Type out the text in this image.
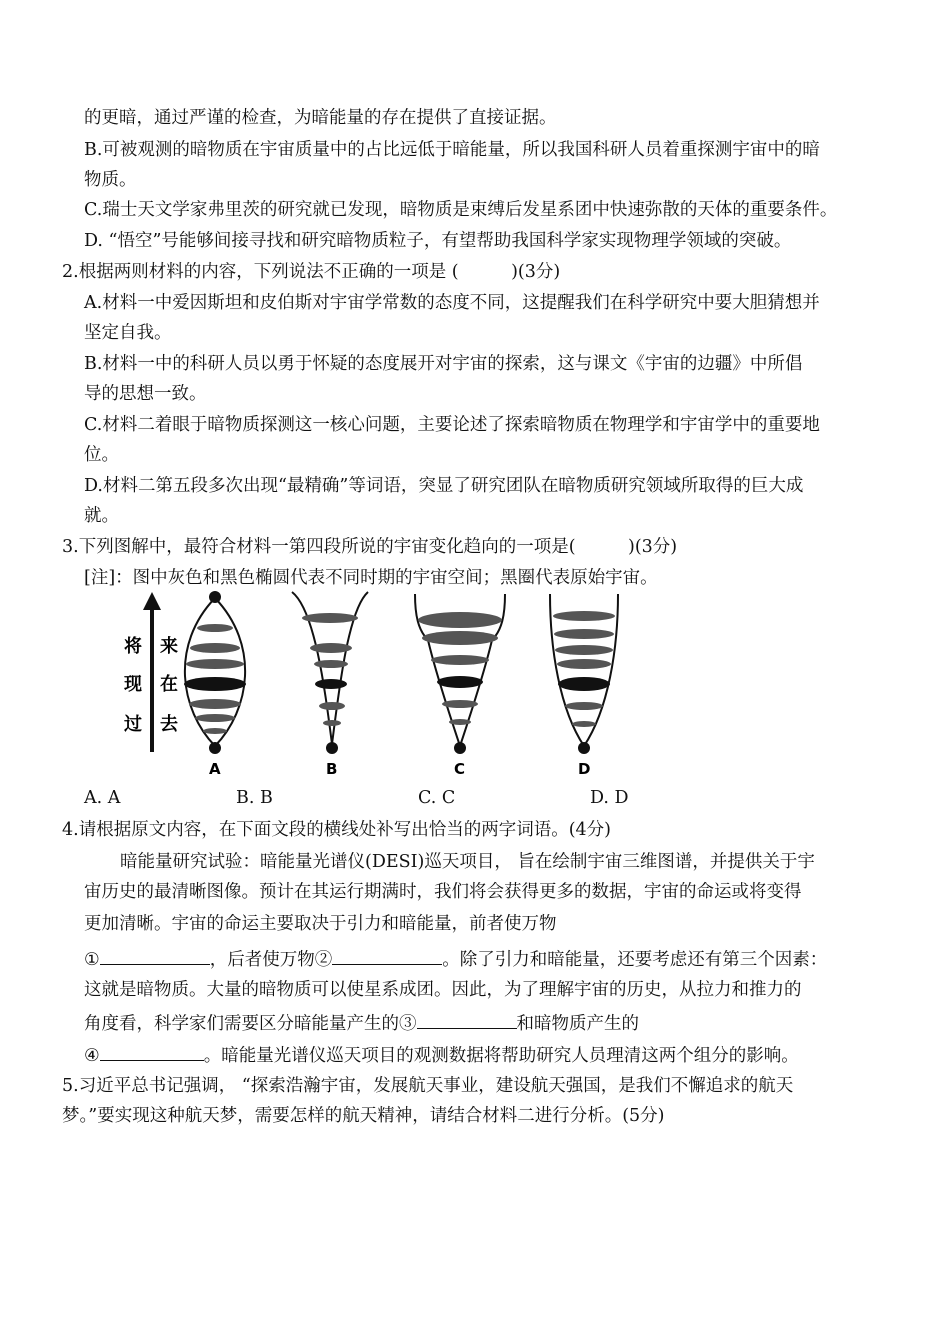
的更暗，通过严谨的检查，为暗能量的存在提供了直接证据。
B.可被观测的暗物质在宇宙质量中的占比远低于暗能量，所以我国科研人员着重探测宇宙中的暗
物质。
C.瑞士天文学家弗里茨的研究就已发现，暗物质是束缚后发星系团中快速弥散的天体的重要条件。
D. “悟空”号能够间接寻找和研究暗物质粒子，有望帮助我国科学家实现物理学领域的突破。
2.根据两则材料的内容，下列说法不正确的一项是 (　　　)(3分)
A.材料一中爱因斯坦和皮伯斯对宇宙学常数的态度不同，这提醒我们在科学研究中要大胆猜想并
坚定自我。
B.材料一中的科研人员以勇于怀疑的态度展开对宇宙的探索，这与课文《宇宙的边疆》中所倡
导的思想一致。
C.材料二着眼于暗物质探测这一核心问题，主要论述了探索暗物质在物理学和宇宙学中的重要地
位。
D.材料二第五段多次出现“最精确”等词语，突显了研究团队在暗物质研究领域所取得的巨大成
就。
3.下列图解中，最符合材料一第四段所说的宇宙变化趋向的一项是(　　　)(3分)
[注]：图中灰色和黑色椭圆代表不同时期的宇宙空间；黑圈代表原始宇宙。
将
现
过
来
在
去
A	B	C	D
A. A	B. B	C. C	D. D
4.请根据原文内容，在下面文段的横线处补写出恰当的两字词语。(4分)
暗能量研究试验：暗能量光谱仪(DESI)巡天项目， 旨在绘制宇宙三维图谱，并提供关于宇
宙历史的最清晰图像。预计在其运行期满时，我们将会获得更多的数据，宇宙的命运或将变得
更加清晰。宇宙的命运主要取决于引力和暗能量，前者使万物
①	，后者使万物②	。除了引力和暗能量，还要考虑还有第三个因素：
这就是暗物质。大量的暗物质可以使星系成团。因此，为了理解宇宙的历史，从拉力和推力的
角度看，科学家们需要区分暗能量产生的③	和暗物质产生的
④	。暗能量光谱仪巡天项目的观测数据将帮助研究人员理清这两个组分的影响。
5.习近平总书记强调， “探索浩瀚宇宙，发展航天事业，建设航天强国，是我们不懈追求的航天
梦。”要实现这种航天梦，需要怎样的航天精神，请结合材料二进行分析。(5分)
